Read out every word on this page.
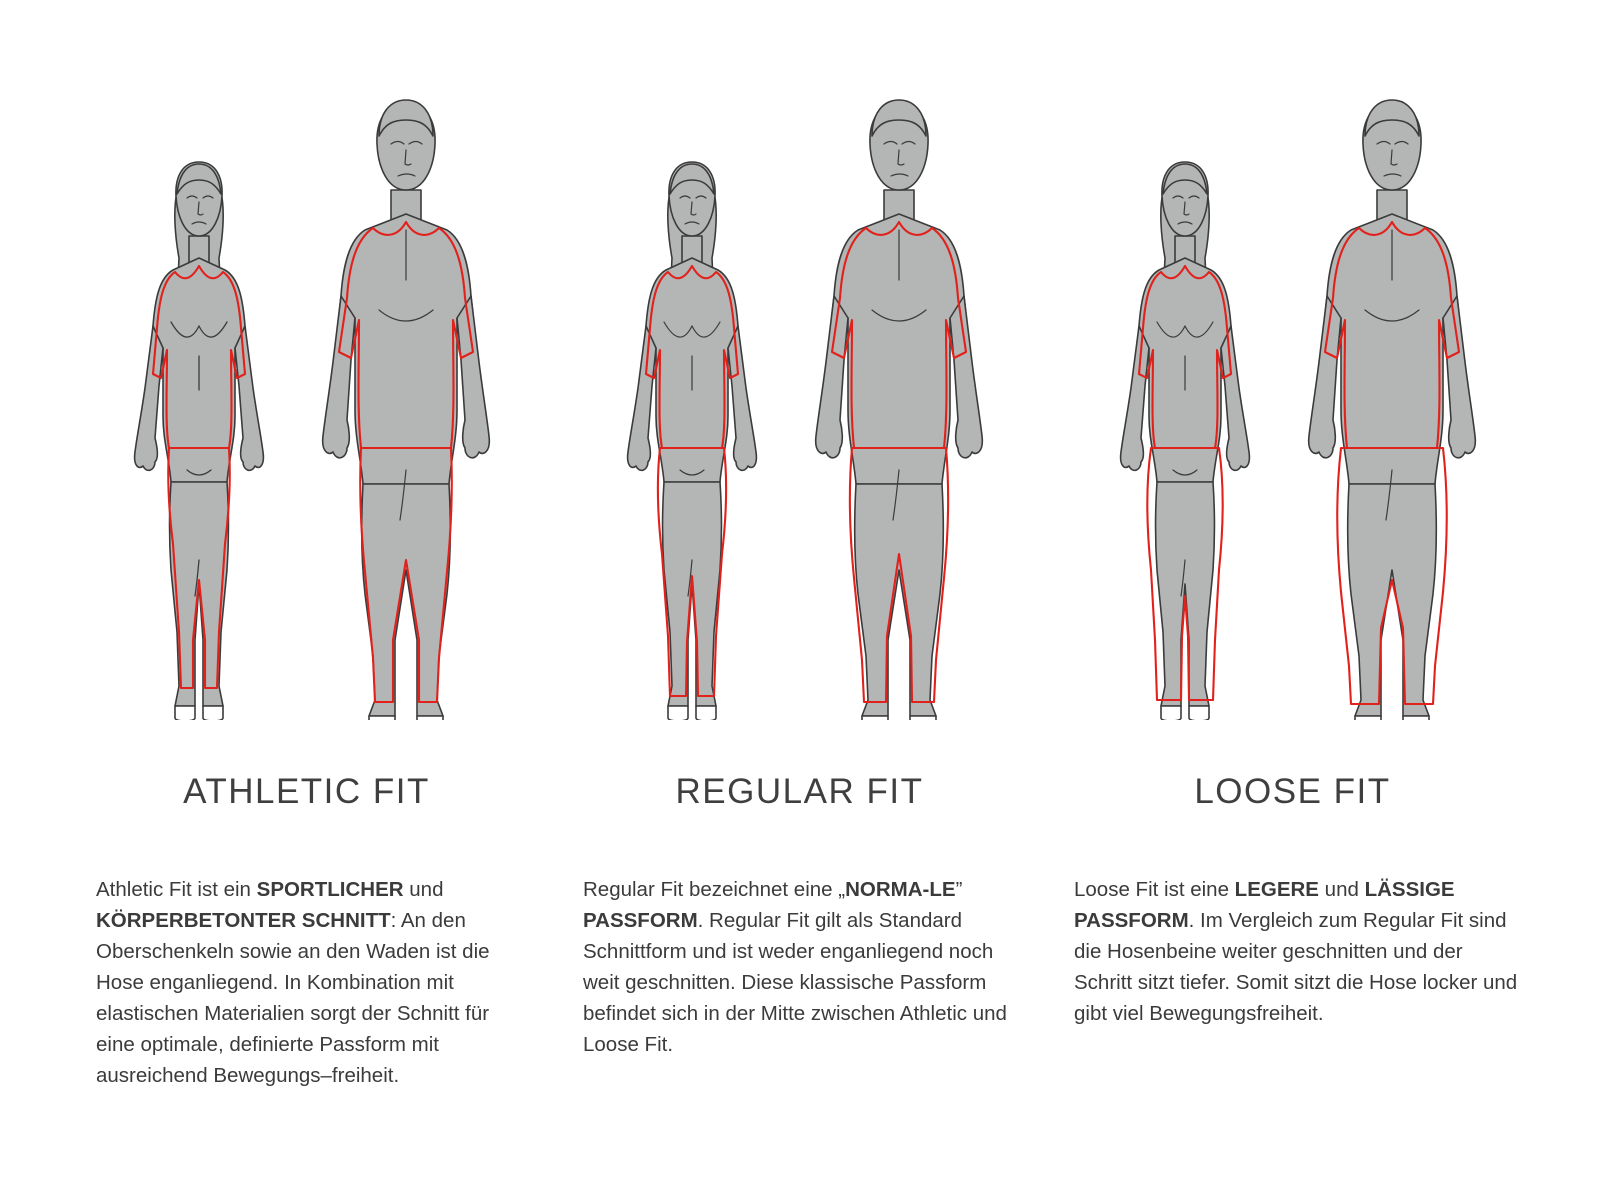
ATHLETIC FIT
Athletic Fit ist ein SPORTLICHER und KÖRPERBETONTER SCHNITT: An den Oberschenkeln sowie an den Waden ist die Hose enganliegend. In Kombination mit elastischen Materialien sorgt der Schnitt für eine optimale, definierte Passform mit ausreichend Bewegungs–freiheit.
REGULAR FIT
Regular Fit bezeichnet eine „NORMA-LE” PASSFORM. Regular Fit gilt als Standard Schnittform und ist weder enganliegend noch weit geschnitten. Diese klassische Passform befindet sich in der Mitte zwischen Athletic und Loose Fit.
LOOSE FIT
Loose Fit ist eine LEGERE und LÄSSIGE PASSFORM. Im Vergleich zum Regular Fit sind die Hosenbeine weiter geschnitten und der Schritt sitzt tiefer. Somit sitzt die Hose locker und gibt viel Bewegungsfreiheit.
